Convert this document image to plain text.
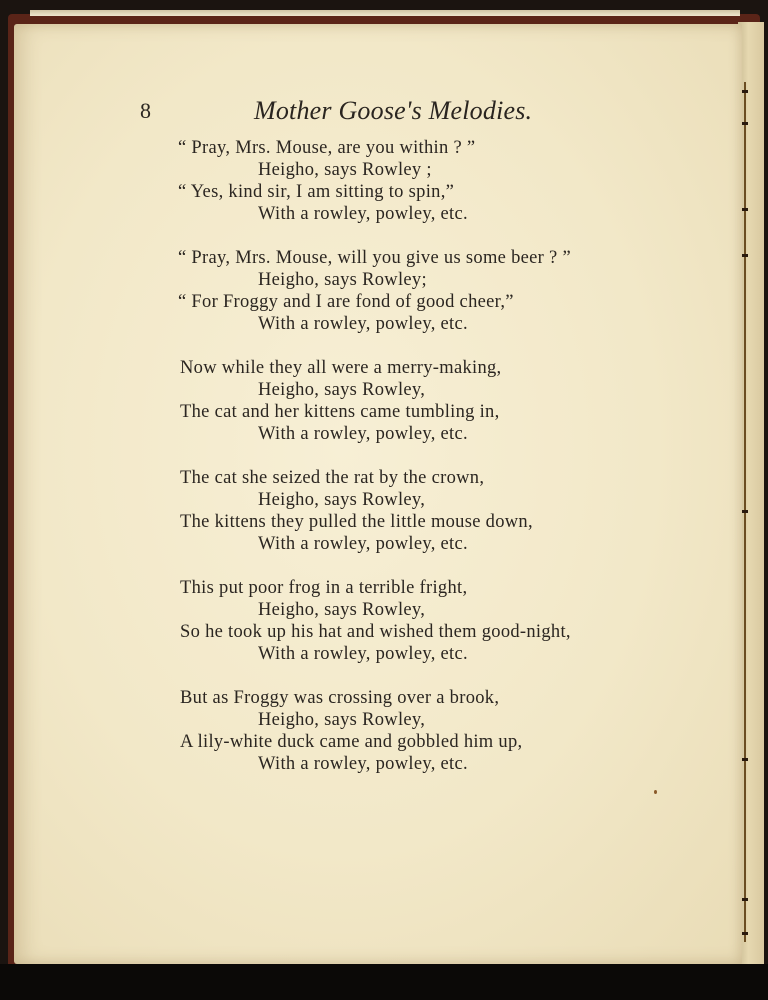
8	Mother Goose's Melodies.
“ Pray, Mrs. Mouse, are you within ? ”
Heigho, says Rowley ;
“ Yes, kind sir, I am sitting to spin,”
With a rowley, powley, etc.
“ Pray, Mrs. Mouse, will you give us some beer ? ”
Heigho, says Rowley;
“ For Froggy and I are fond of good cheer,”
With a rowley, powley, etc.
Now while they all were a merry-making,
Heigho, says Rowley,
The cat and her kittens came tumbling in,
With a rowley, powley, etc.
The cat she seized the rat by the crown,
Heigho, says Rowley,
The kittens they pulled the little mouse down,
With a rowley, powley, etc.
This put poor frog in a terrible fright,
Heigho, says Rowley,
So he took up his hat and wished them good-night,
With a rowley, powley, etc.
But as Froggy was crossing over a brook,
Heigho, says Rowley,
A lily-white duck came and gobbled him up,
With a rowley, powley, etc.
